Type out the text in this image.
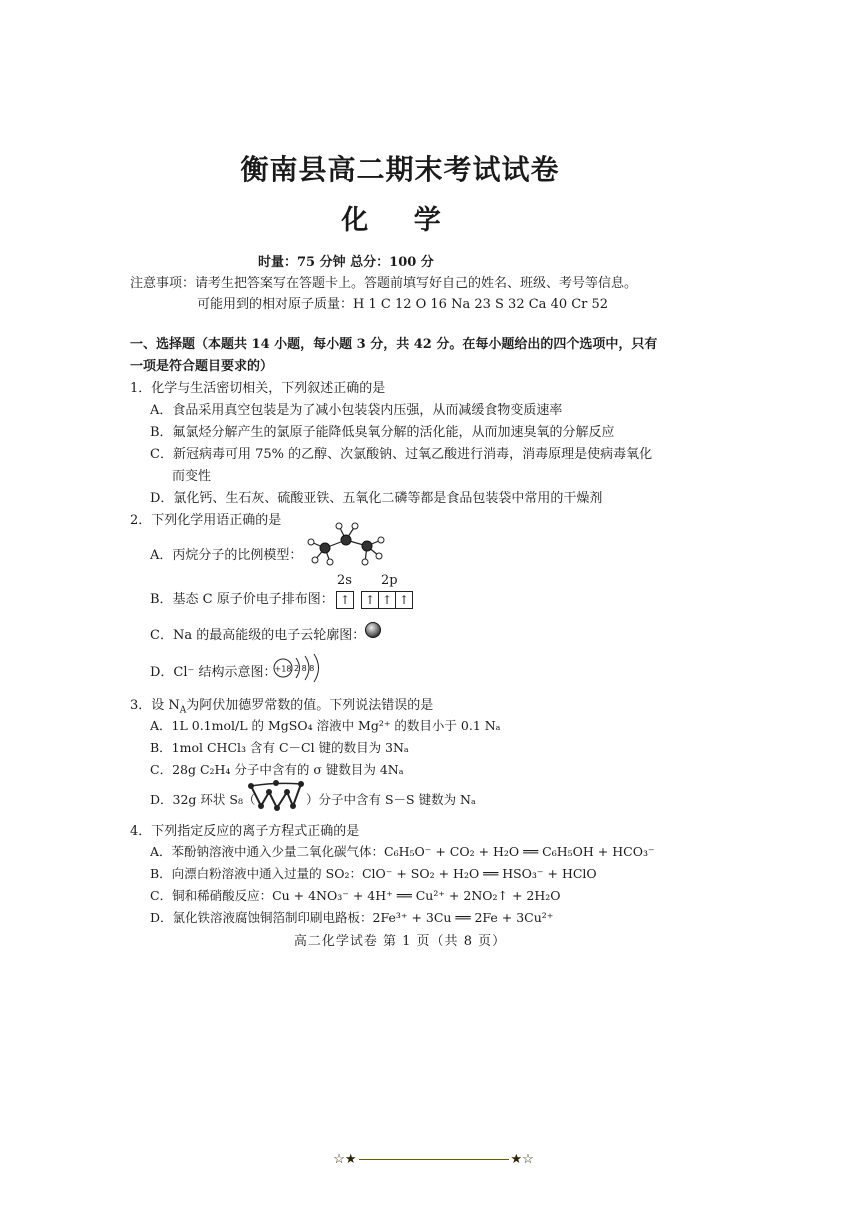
衡南县高二期末考试试卷
化 学
时量：75 分钟 总分：100 分
注意事项：请考生把答案写在答题卡上。答题前填写好自己的姓名、班级、考号等信息。
可能用到的相对原子质量：H 1 C 12 O 16 Na 23 S 32 Ca 40 Cr 52
一、选择题（本题共 14 小题，每小题 3 分，共 42 分。在每小题给出的四个选项中，只有
一项是符合题目要求的）
1．化学与生活密切相关，下列叙述正确的是
A．食品采用真空包装是为了减小包装袋内压强，从而减缓食物变质速率
B．氟氯烃分解产生的氯原子能降低臭氧分解的活化能，从而加速臭氧的分解反应
C．新冠病毒可用 75% 的乙醇、次氯酸钠、过氧乙酸进行消毒，消毒原理是使病毒氧化
而变性
D．氯化钙、生石灰、硫酸亚铁、五氧化二磷等都是食品包装袋中常用的干燥剂
2．下列化学用语正确的是
A．丙烷分子的比例模型：
B．基态 C 原子价电子排布图：
2s 2p
↑	↑ ↑ ↑
C．Na 的最高能级的电子云轮廓图：
D．Cl⁻ 结构示意图：
+18 2 8 8
3．设 $N_A$为阿伏加德罗常数的值。下列说法错误的是
A．1L 0.1mol/L 的 MgSO₄ 溶液中 Mg²⁺ 的数目小于 0.1 Nₐ
B．1mol CHCl₃ 含有 C－Cl 键的数目为 3Nₐ
C．28g C₂H₄ 分子中含有的 σ 键数目为 4Nₐ
D．32g 环状 S₈（	）分子中含有 S－S 键数为 Nₐ
4．下列指定反应的离子方程式正确的是
A．苯酚钠溶液中通入少量二氧化碳气体：C₆H₅O⁻ + CO₂ + H₂O ══ C₆H₅OH + HCO₃⁻
B．向漂白粉溶液中通入过量的 SO₂：ClO⁻ + SO₂ + H₂O ══ HSO₃⁻ + HClO
C．铜和稀硝酸反应：Cu + 4NO₃⁻ + 4H⁺ ══ Cu²⁺ + 2NO₂↑ + 2H₂O
D．氯化铁溶液腐蚀铜箔制印刷电路板：2Fe³⁺ + 3Cu ══ 2Fe + 3Cu²⁺
高二化学试卷 第 1 页（共 8 页）
☆★	★☆
